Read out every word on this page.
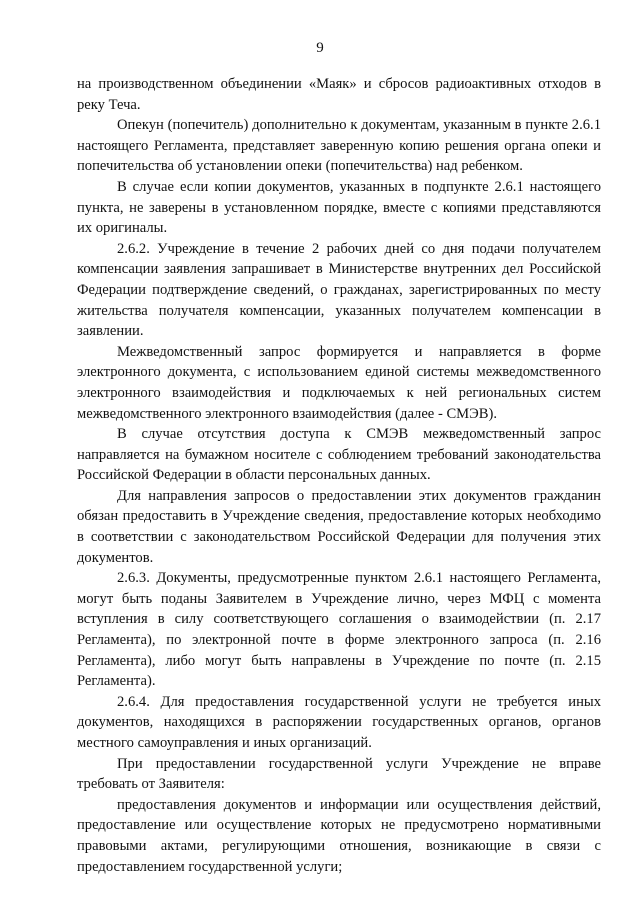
9

на производственном объединении «Маяк» и сбросов радиоактивных отходов в реку Теча.

Опекун (попечитель) дополнительно к документам, указанным в пункте 2.6.1 настоящего Регламента, представляет заверенную копию решения органа опеки и попечительства об установлении опеки (попечительства) над ребенком.

В случае если копии документов, указанных в подпункте 2.6.1 настоящего пункта, не заверены в установленном порядке, вместе с копиями представляются их оригиналы.

2.6.2. Учреждение в течение 2 рабочих дней со дня подачи получателем компенсации заявления запрашивает в Министерстве внутренних дел Российской Федерации подтверждение сведений, о гражданах, зарегистрированных по месту жительства получателя компенсации, указанных получателем компенсации в заявлении.

Межведомственный запрос формируется и направляется в форме электронного документа, с использованием единой системы межведомственного электронного взаимодействия и подключаемых к ней региональных систем межведомственного электронного взаимодействия (далее - СМЭВ).

В случае отсутствия доступа к СМЭВ межведомственный запрос направляется на бумажном носителе с соблюдением требований законодательства Российской Федерации в области персональных данных.

Для направления запросов о предоставлении этих документов гражданин обязан предоставить в Учреждение сведения, предоставление которых необходимо в соответствии с законодательством Российской Федерации для получения этих документов.

2.6.3. Документы, предусмотренные пунктом 2.6.1 настоящего Регламента, могут быть поданы Заявителем в Учреждение лично, через МФЦ с момента вступления в силу соответствующего соглашения о взаимодействии (п. 2.17 Регламента), по электронной почте в форме электронного запроса (п. 2.16 Регламента), либо могут быть направлены в Учреждение по почте (п. 2.15 Регламента).

2.6.4. Для предоставления государственной услуги не требуется иных документов, находящихся в распоряжении государственных органов, органов местного самоуправления и иных организаций.

При предоставлении государственной услуги Учреждение не вправе требовать от Заявителя:

предоставления документов и информации или осуществления действий, предоставление или осуществление которых не предусмотрено нормативными правовыми актами, регулирующими отношения, возникающие в связи с предоставлением государственной услуги;
